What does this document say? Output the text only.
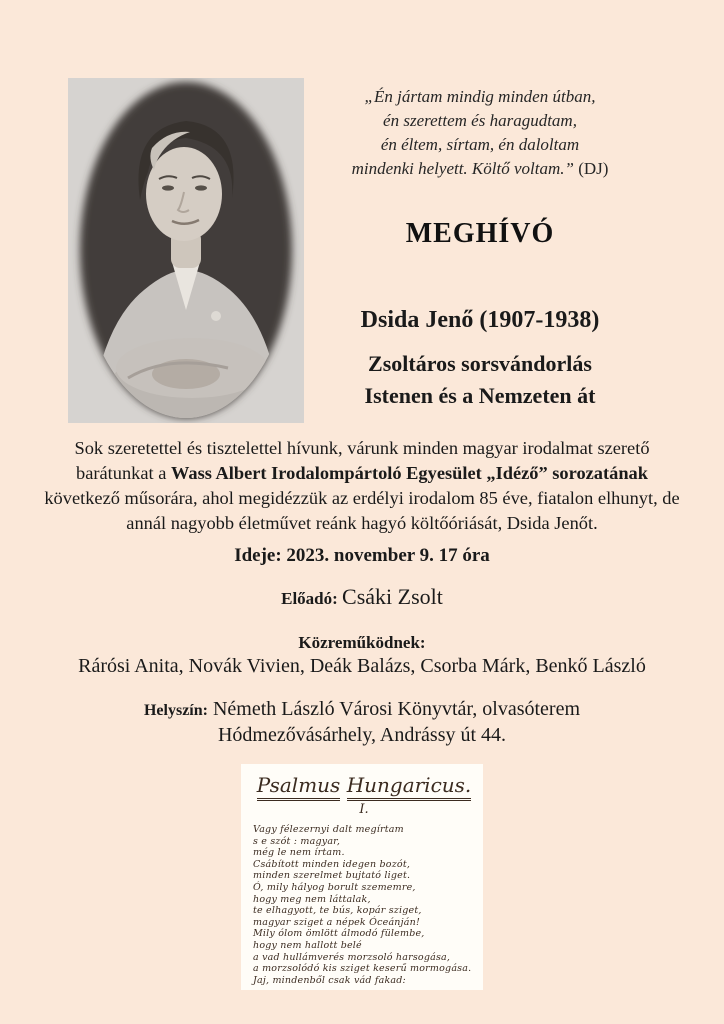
„Én jártam mindig minden útban,
én szerettem és haragudtam,
én éltem, sírtam, én daloltam
mindenki helyett. Költő voltam.” (DJ)
MEGHÍVÓ
Dsida Jenő (1907-1938)
Zsoltáros sorsvándorlás
Istenen és a Nemzeten át

Sok szeretettel és tisztelettel hívunk, várunk minden magyar irodalmat szerető barátunkat a Wass Albert Irodalompártoló Egyesület „Idéző” sorozatának következő műsorára, ahol megidézzük az erdélyi irodalom 85 éve, fiatalon elhunyt, de annál nagyobb életművet reánk hagyó költőóriását, Dsida Jenőt.

Ideje: 2023. november 9. 17 óra

Előadó: Csáki Zsolt

Közreműködnek:

Rárósi Anita, Novák Vivien, Deák Balázs, Csorba Márk, Benkő László

Helyszín: Németh László Városi Könyvtár, olvasóterem
Hódmezővásárhely, Andrássy út 44.

Psalmus Hungaricus.
I.
Vagy félezernyi dalt megírtam
s e szót : magyar,
még le nem írtam.
Csábított minden idegen bozót,
minden szerelmet bujtató liget.
Ó, mily hályog borult szememre,
hogy meg nem láttalak,
te elhagyott, te bús, kopár sziget,
magyar sziget a népek Óceánján!
Mily ólom ömlött álmodó fülembe,
hogy nem hallott belé
a vad hullámverés morzsoló harsogása,
a morzsolódó kis sziget keserű mormogása.
Jaj, mindenből csak vád fakad:
